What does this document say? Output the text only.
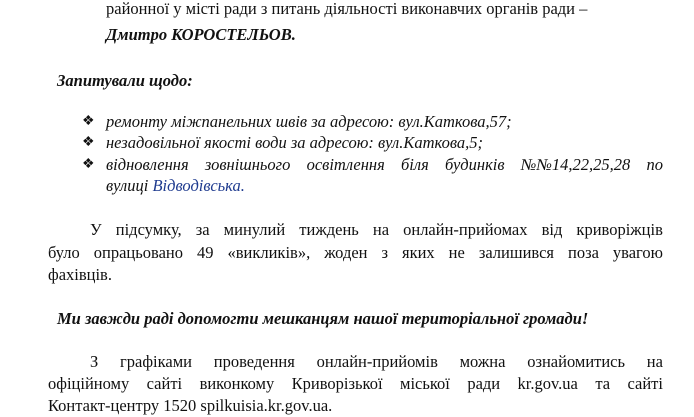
районної у місті ради з питань діяльності виконавчих органів ради –
Дмитро КОРОСТЕЛЬОВ.
Запитували щодо:
❖ ремонту міжпанельних швів за адресою: вул.Каткова,57;
❖ незадовільної якості води за адресою: вул.Каткова,5;
❖ відновлення зовнішнього освітлення біля будинків №№14,22,25,28 по
вулиці Відводівська.
У підсумку, за минулий тиждень на онлайн-прийомах від криворіжців
було опрацьовано 49 «викликів», жоден з яких не залишився поза увагою
фахівців.
Ми завжди раді допомогти мешканцям нашої територіальної громади!
З графіками проведення онлайн-прийомів можна ознайомитись на
офіційному сайті виконкому Криворізької міської ради kr.gov.ua та сайті
Контакт-центру 1520 spilkuisia.kr.gov.ua.
